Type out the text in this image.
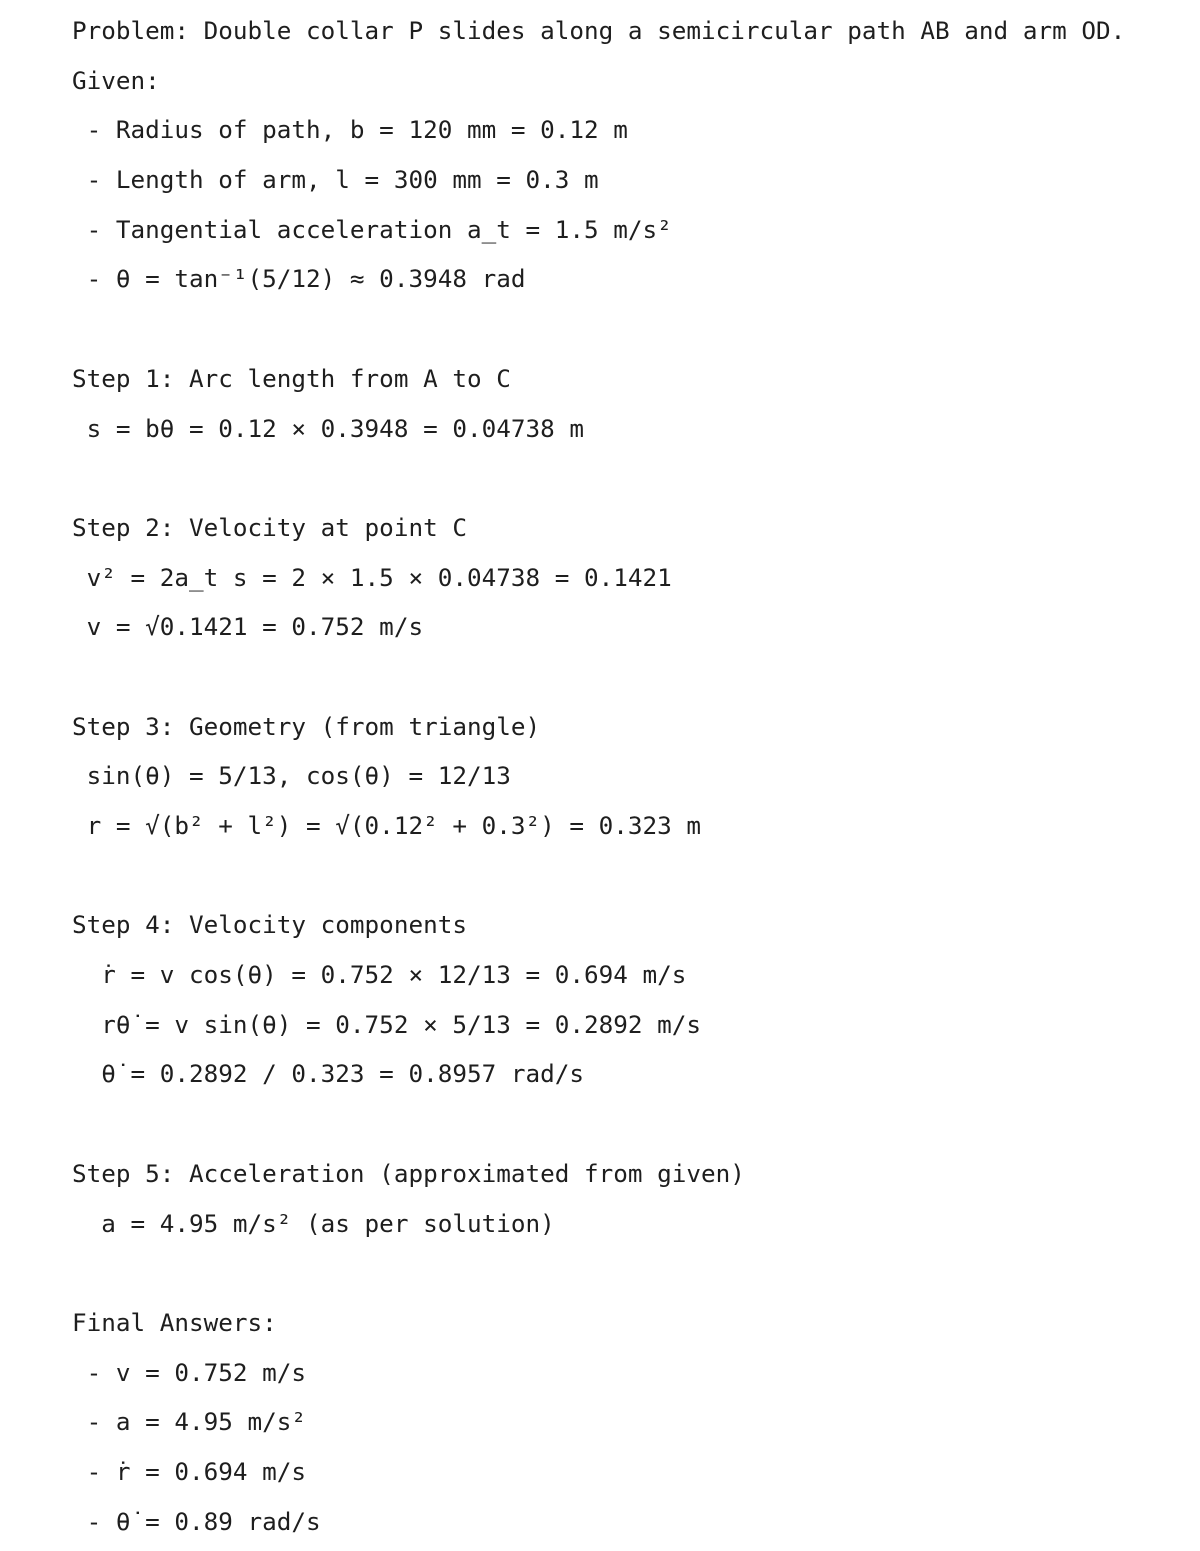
Problem: Double collar P slides along a semicircular path AB and arm OD.
Given:
- Radius of path, b = 120 mm = 0.12 m
- Length of arm, l = 300 mm = 0.3 m
- Tangential acceleration a_t = 1.5 m/s²
- θ = tan⁻¹(5/12) ≈ 0.3948 rad
Step 1: Arc length from A to C
s = bθ = 0.12 × 0.3948 = 0.04738 m
Step 2: Velocity at point C
v² = 2a_t s = 2 × 1.5 × 0.04738 = 0.1421
v = √0.1421 = 0.752 m/s
Step 3: Geometry (from triangle)
sin(θ) = 5/13, cos(θ) = 12/13
r = √(b² + l²) = √(0.12² + 0.3²) = 0.323 m
Step 4: Velocity components
ṙ = v cos(θ) = 0.752 × 12/13 = 0.694 m/s
rθ̇ = v sin(θ) = 0.752 × 5/13 = 0.2892 m/s
θ̇ = 0.2892 / 0.323 = 0.8957 rad/s
Step 5: Acceleration (approximated from given)
a = 4.95 m/s² (as per solution)
Final Answers:
- v = 0.752 m/s
- a = 4.95 m/s²
- ṙ = 0.694 m/s
- θ̇ = 0.89 rad/s
